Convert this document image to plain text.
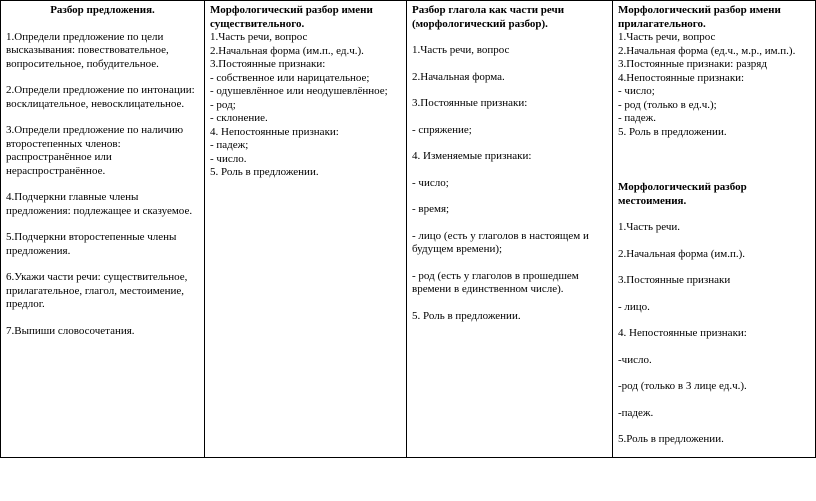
Разбор предложения.
1.Определи предложение по цели высказывания: повествовательное, вопросительное, побудительное.
2.Определи предложение по интонации: восклицательное, невосклицательное.
3.Определи предложение по наличию второстепенных членов: распространённое или нераспространённое.
4.Подчеркни главные члены предложения: подлежащее и сказуемое.
5.Подчеркни второстепенные члены предложения.
6.Укажи части речи: существительное, прилагательное, глагол, местоимение, предлог.
7.Выпиши словосочетания.
Морфологический разбор имени существительного.
1.Часть речи, вопрос
2.Начальная форма (им.п., ед.ч.).
3.Постоянные признаки:
- собственное или нарицательное;
- одушевлённое или неодушевлённое;
- род;
- склонение.
4. Непостоянные признаки:
- падеж;
- число.
5. Роль в предложении.
Разбор глагола как части речи (морфологический разбор).
1.Часть речи, вопрос
2.Начальная форма.
3.Постоянные признаки:
- спряжение;
4. Изменяемые признаки:
- число;
- время;
- лицо (есть у глаголов в настоящем и будущем времени);
- род (есть у глаголов в прошедшем времени в единственном числе).
5. Роль в предложении.
Морфологический разбор имени прилагательного.
1.Часть речи, вопрос
2.Начальная форма (ед.ч., м.р., им.п.).
3.Постоянные признаки: разряд
4.Непостоянные признаки:
- число;
- род (только в ед.ч.);
- падеж.
5. Роль в предложении.
Морфологический разбор местоимения.
1.Часть речи.
2.Начальная форма (им.п.).
3.Постоянные признаки
- лицо.
4. Непостоянные признаки:
-число.
-род (только в 3 лице ед.ч.).
-падеж.
5.Роль в предложении.
